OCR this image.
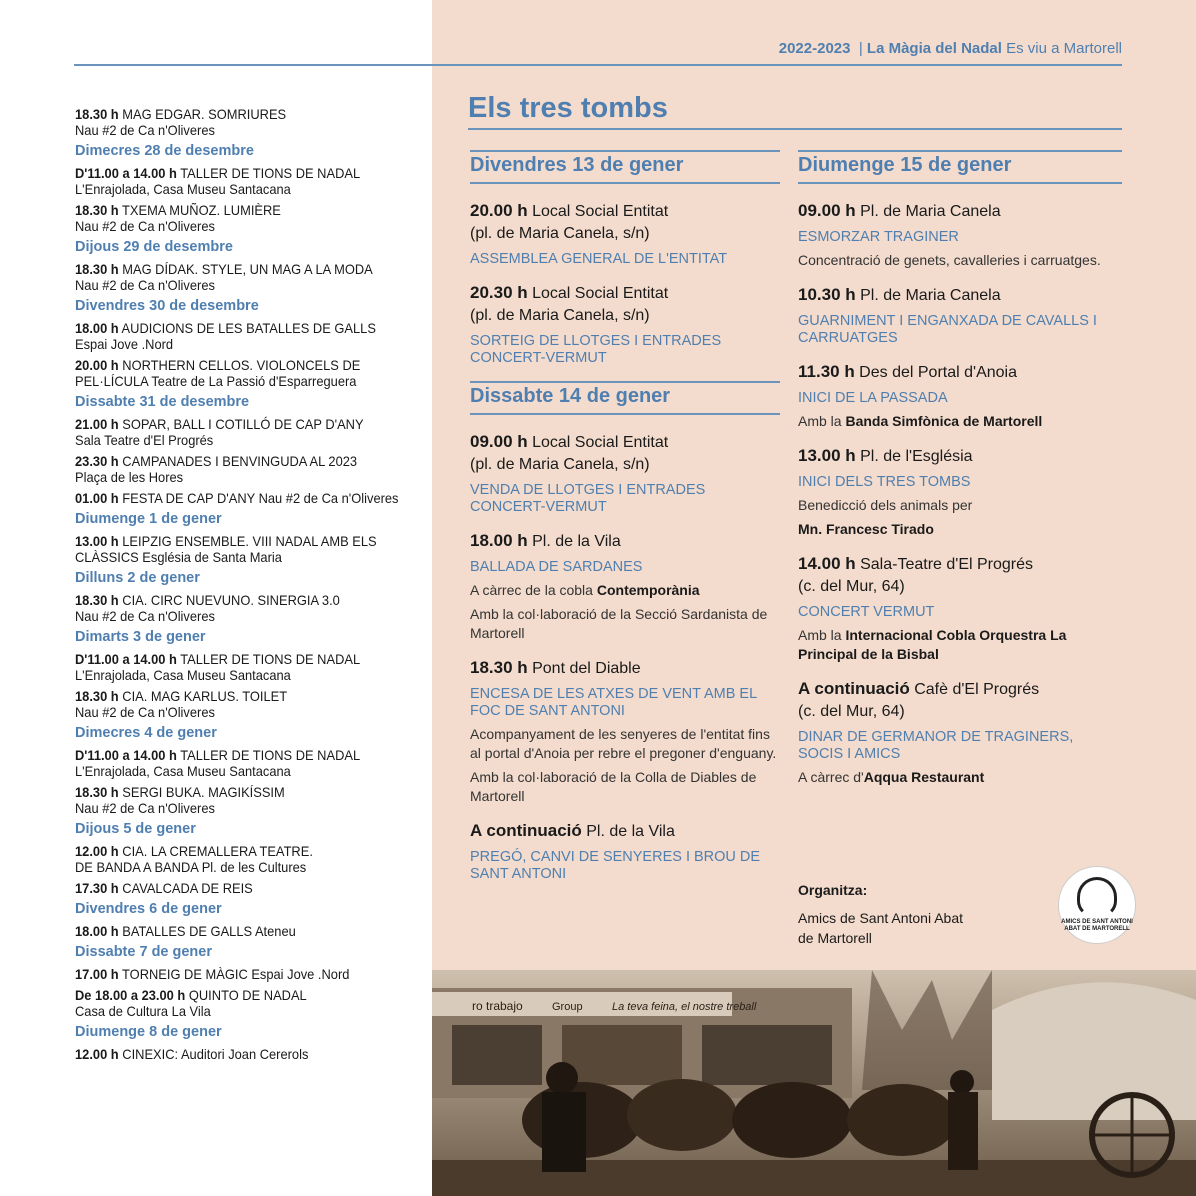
2022-2023 | La Màgia del Nadal Es viu a Martorell
18.30 h MAG EDGAR. SOMRIURES
Nau #2 de Ca n'Oliveres
Dimecres 28 de desembre
D'11.00 a 14.00 h TALLER DE TIONS DE NADAL
L'Enrajolada, Casa Museu Santacana
18.30 h TXEMA MUÑOZ. LUMIÈRE
Nau #2 de Ca n'Oliveres
Dijous 29 de desembre
18.30 h MAG DÍDAK. STYLE, UN MAG A LA MODA
Nau #2 de Ca n'Oliveres
Divendres 30 de desembre
18.00 h AUDICIONS DE LES BATALLES DE GALLS
Espai Jove .Nord
20.00 h NORTHERN CELLOS. VIOLONCELS DE
PEL·LÍCULA Teatre de La Passió d'Esparreguera
Dissabte 31 de desembre
21.00 h SOPAR, BALL I COTILLÓ DE CAP D'ANY
Sala Teatre d'El Progrés
23.30 h CAMPANADES I BENVINGUDA AL 2023
Plaça de les Hores
01.00 h FESTA DE CAP D'ANY Nau #2 de Ca n'Oliveres
Diumenge 1 de gener
13.00 h LEIPZIG ENSEMBLE. VIII NADAL AMB ELS
CLÀSSICS Església de Santa Maria
Dilluns 2 de gener
18.30 h CIA. CIRC NUEVUNO. SINERGIA 3.0
Nau #2 de Ca n'Oliveres
Dimarts 3 de gener
D'11.00 a 14.00 h TALLER DE TIONS DE NADAL
L'Enrajolada, Casa Museu Santacana
18.30 h CIA. MAG KARLUS. TOILET
Nau #2 de Ca n'Oliveres
Dimecres 4 de gener
D'11.00 a 14.00 h TALLER DE TIONS DE NADAL
L'Enrajolada, Casa Museu Santacana
18.30 h SERGI BUKA. MAGIKÍSSIM
Nau #2 de Ca n'Oliveres
Dijous 5 de gener
12.00 h CIA. LA CREMALLERA TEATRE.
DE BANDA A BANDA Pl. de les Cultures
17.30 h CAVALCADA DE REIS
Divendres 6 de gener
18.00 h BATALLES DE GALLS Ateneu
Dissabte 7 de gener
17.00 h TORNEIG DE MÀGIC Espai Jove .Nord
De 18.00 a 23.00 h QUINTO DE NADAL
Casa de Cultura La Vila
Diumenge 8 de gener
12.00 h CINEXIC: Auditori Joan Cererols
Els tres tombs
Divendres 13 de gener
20.00 h Local Social Entitat
(pl. de Maria Canela, s/n)
ASSEMBLEA GENERAL DE L'ENTITAT
20.30 h Local Social Entitat
(pl. de Maria Canela, s/n)
SORTEIG DE LLOTGES I ENTRADES CONCERT-VERMUT
Dissabte 14 de gener
09.00 h Local Social Entitat
(pl. de Maria Canela, s/n)
VENDA DE LLOTGES I ENTRADES CONCERT-VERMUT
18.00 h Pl. de la Vila
BALLADA DE SARDANES
A càrrec de la cobla Contemporània
Amb la col·laboració de la Secció Sardanista de Martorell
18.30 h Pont del Diable
ENCESA DE LES ATXES DE VENT AMB EL FOC DE SANT ANTONI
Acompanyament de les senyeres de l'entitat fins al portal d'Anoia per rebre el pregoner d'enguany.
Amb la col·laboració de la Colla de Diables de Martorell
A continuació Pl. de la Vila
PREGÓ, CANVI DE SENYERES I BROU DE SANT ANTONI
Diumenge 15 de gener
09.00 h Pl. de Maria Canela
ESMORZAR TRAGINER
Concentració de genets, cavalleries i carruatges.
10.30 h Pl. de Maria Canela
GUARNIMENT I ENGANXADA DE CAVALLS I CARRUATGES
11.30 h Des del Portal d'Anoia
INICI DE LA PASSADA
Amb la Banda Simfònica de Martorell
13.00 h Pl. de l'Església
INICI DELS TRES TOMBS
Benedicció dels animals per
Mn. Francesc Tirado
14.00 h Sala-Teatre d'El Progrés
(c. del Mur, 64)
CONCERT VERMUT
Amb la Internacional Cobla Orquestra La Principal de la Bisbal
A continuació Cafè d'El Progrés
(c. del Mur, 64)
DINAR DE GERMANOR DE TRAGINERS, SOCIS I AMICS
A càrrec d'Aqqua Restaurant
Organitza:
Amics de Sant Antoni Abat
de Martorell
AMICS DE SANT ANTONI ABAT DE MARTORELL
ro trabajo	Group	La teva feina, el nostre treball
